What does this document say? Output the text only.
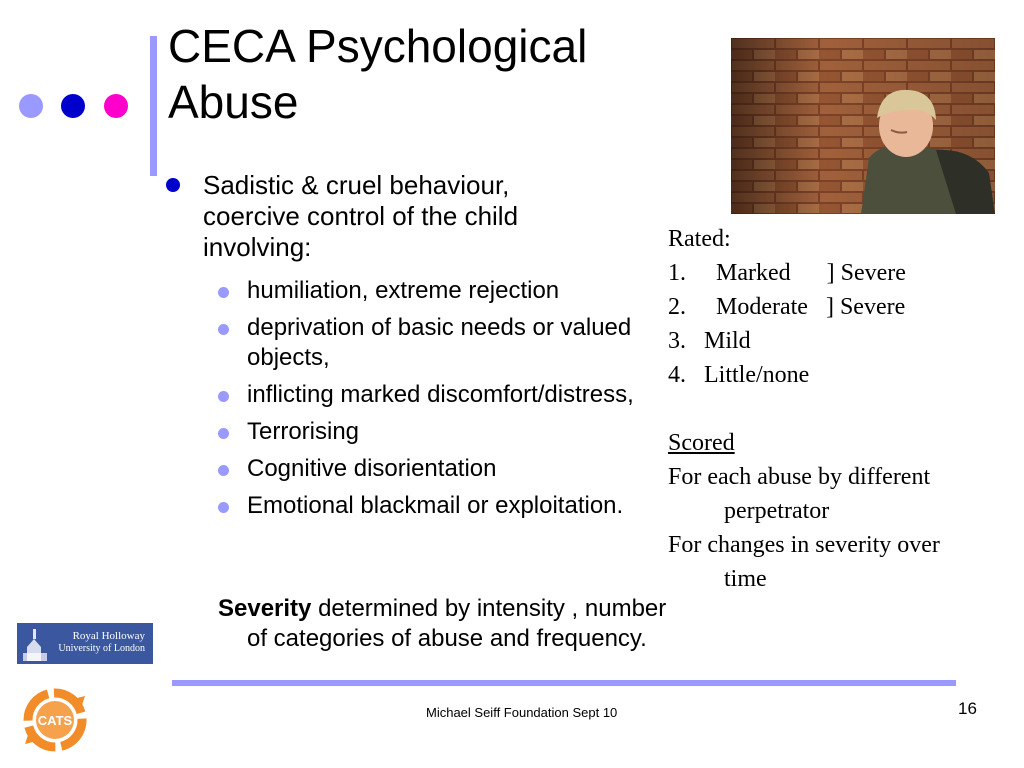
CECA Psychological Abuse
Sadistic & cruel behaviour, coercive control of the child involving:
humiliation, extreme rejection
deprivation of basic needs or valued objects,
inflicting marked discomfort/distress,
Terrorising
Cognitive disorientation
Emotional blackmail or exploitation.
Severity determined by intensity , number of categories of abuse and frequency.
Rated:
1.     Marked      ] Severe
2.     Moderate   ] Severe
3.   Mild
4.   Little/none

Scored
For each abuse by different
perpetrator
For changes in severity over
time
Royal Holloway
University of London
CATS
Michael Seiff Foundation Sept 10	16
